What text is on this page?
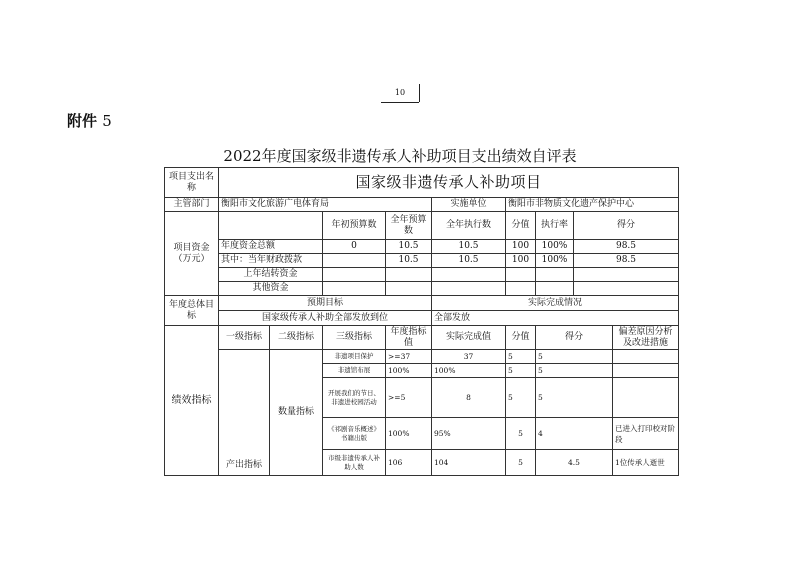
10
附件 5
2022年度国家级非遗传承人补助项目支出绩效自评表
项目支出名称	国家级非遗传承人补助项目								
主管部门	衡阳市文化旅游广电体育局				实施单位	衡阳市非物质文化遗产保护中心			
项目资金（万元）			年初预算数	全年预算数	全年执行数	分值	执行率	得分	
	年度资金总额		0	10.5	10.5	100	100%	98.5	
	其中：当年财政拨款			10.5	10.5	100	100%	98.5	
	上年结转资金								
	其他资金								
年度总体目标	预期目标				实际完成情况				
	国家级传承人补助全部发放到位				全部发放				
绩效指标	一级指标	二级指标	三级指标	年度指标值	实际完成值	分值	得分		偏差原因分析及改进措施
	产出指标	数量指标	非遗项目保护	>=37	37	5	5		
			非遗馆布展	100%	100%	5	5		
			开展我们的节日、非遗进校园活动	>=5	8	5	5		
			《祁剧音乐概述》书籍出版	100%	95%	5	4		已进入打印校对阶段
			市级非遗传承人补助人数	106	104	5	4.5		1位传承人逝世
